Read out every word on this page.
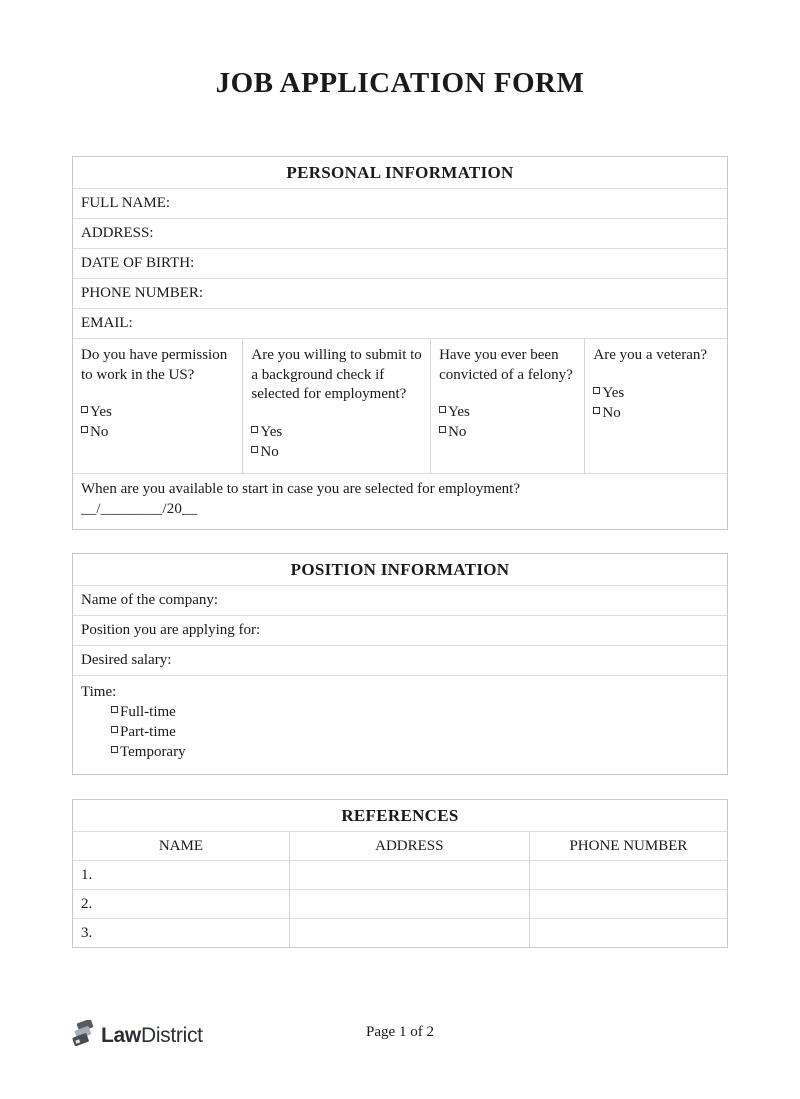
JOB APPLICATION FORM
PERSONAL INFORMATION
FULL NAME:
ADDRESS:
DATE OF BIRTH:
PHONE NUMBER:
EMAIL:
Do you have permission to work in the US?
Yes
No
Are you willing to submit to a background check if selected for employment?
Yes
No
Have you ever been convicted of a felony?
Yes
No
Are you a veteran?
Yes
No
When are you available to start in case you are selected for employment?
__/________/20__
POSITION INFORMATION
Name of the company:
Position you are applying for:
Desired salary:
Time:
Full-time
Part-time
Temporary
REFERENCES
NAME	ADDRESS	PHONE NUMBER
1.
2.
3.
Law District	Page 1 of 2
